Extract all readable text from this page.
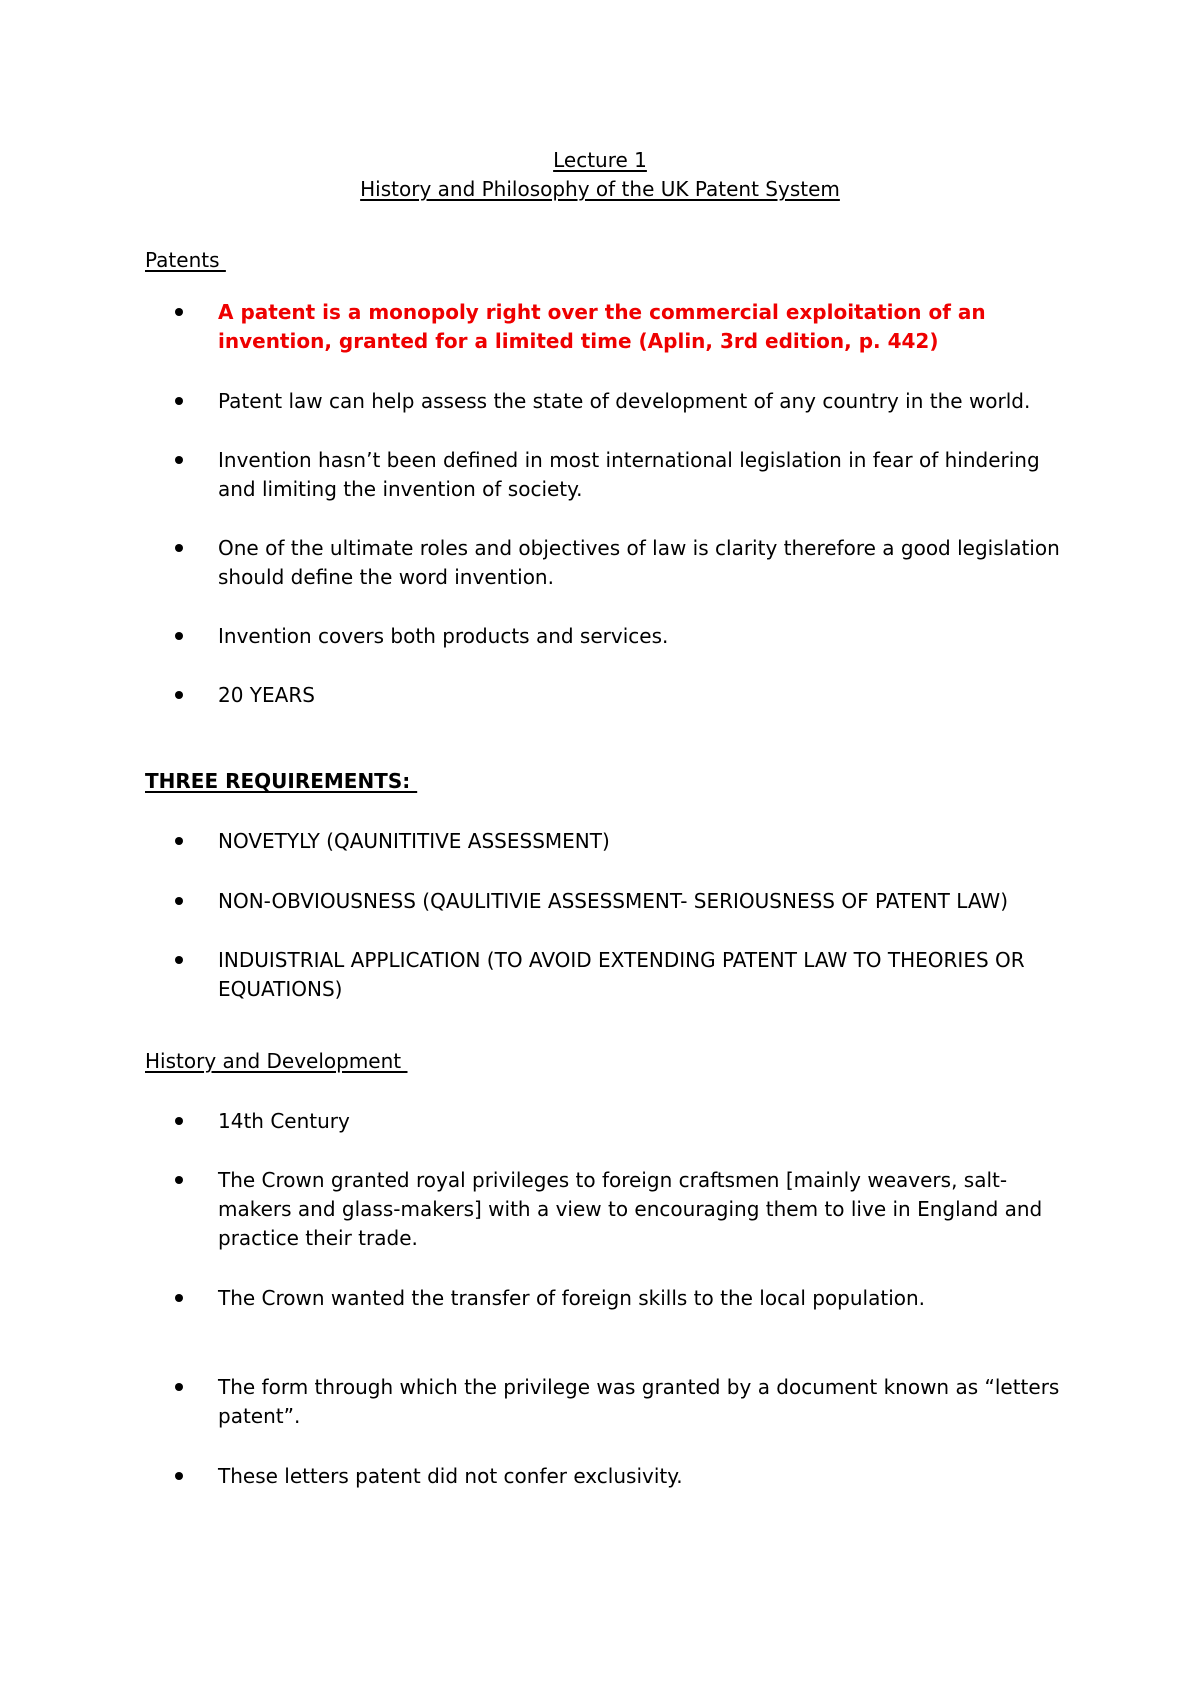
Lecture 1
History and Philosophy of the UK Patent System
Patents

A patent is a monopoly right over the commercial exploitation of an invention, granted for a limited time (Aplin, 3rd edition, p. 442)

Patent law can help assess the state of development of any country in the world.

Invention hasn’t been defined in most international legislation in fear of hindering and limiting the invention of society.

One of the ultimate roles and objectives of law is clarity therefore a good legislation should define the word invention.

Invention covers both products and services.

20 YEARS

THREE REQUIREMENTS:

NOVETYLY (QAUNITITIVE ASSESSMENT)

NON-OBVIOUSNESS (QAULITIVIE ASSESSMENT- SERIOUSNESS OF PATENT LAW)

INDUISTRIAL APPLICATION (TO AVOID EXTENDING PATENT LAW TO THEORIES OR EQUATIONS)

History and Development

14th Century

The Crown granted royal privileges to foreign craftsmen [mainly weavers, salt-makers and glass-makers] with a view to encouraging them to live in England and practice their trade.

The Crown wanted the transfer of foreign skills to the local population.

The form through which the privilege was granted by a document known as “letters patent”.

These letters patent did not confer exclusivity.
